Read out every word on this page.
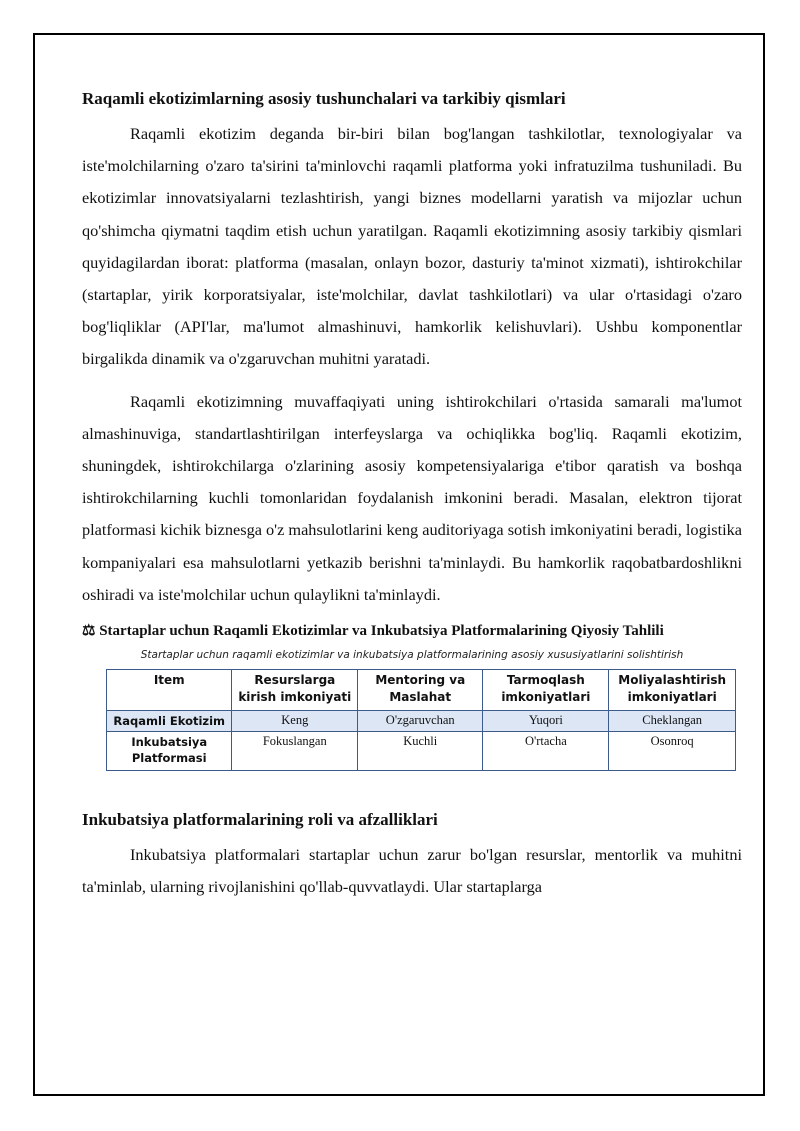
Raqamli ekotizimlarning asosiy tushunchalari va tarkibiy qismlari

Raqamli ekotizim deganda bir-biri bilan bog'langan tashkilotlar, texnologiyalar va iste'molchilarning o'zaro ta'sirini ta'minlovchi raqamli platforma yoki infratuzilma tushuniladi. Bu ekotizimlar innovatsiyalarni tezlashtirish, yangi biznes modellarni yaratish va mijozlar uchun qo'shimcha qiymatni taqdim etish uchun yaratilgan. Raqamli ekotizimning asosiy tarkibiy qismlari quyidagilardan iborat: platforma (masalan, onlayn bozor, dasturiy ta'minot xizmati), ishtirokchilar (startaplar, yirik korporatsiyalar, iste'molchilar, davlat tashkilotlari) va ular o'rtasidagi o'zaro bog'liqliklar (API'lar, ma'lumot almashinuvi, hamkorlik kelishuvlari). Ushbu komponentlar birgalikda dinamik va o'zgaruvchan muhitni yaratadi.

Raqamli ekotizimning muvaffaqiyati uning ishtirokchilari o'rtasida samarali ma'lumot almashinuviga, standartlashtirilgan interfeyslarga va ochiqlikka bog'liq. Raqamli ekotizim, shuningdek, ishtirokchilarga o'zlarining asosiy kompetensiyalariga e'tibor qaratish va boshqa ishtirokchilarning kuchli tomonlaridan foydalanish imkonini beradi. Masalan, elektron tijorat platformasi kichik biznesga o'z mahsulotlarini keng auditoriyaga sotish imkoniyatini beradi, logistika kompaniyalari esa mahsulotlarni yetkazib berishni ta'minlaydi. Bu hamkorlik raqobatbardoshlikni oshiradi va iste'molchilar uchun qulaylikni ta'minlaydi.

⚖ Startaplar uchun Raqamli Ekotizimlar va Inkubatsiya Platformalarining Qiyosiy Tahlili
Startaplar uchun raqamli ekotizimlar va inkubatsiya platformalarining asosiy xususiyatlarini solishtirish
Item	Resurslarga kirish imkoniyati	Mentoring va Maslahat	Tarmoqlash imkoniyatlari	Moliyalashtirish imkoniyatlari
Raqamli Ekotizim	Keng	O'zgaruvchan	Yuqori	Cheklangan
Inkubatsiya Platformasi	Fokuslangan	Kuchli	O'rtacha	Osonroq
Inkubatsiya platformalarining roli va afzalliklari

Inkubatsiya platformalari startaplar uchun zarur bo'lgan resurslar, mentorlik va muhitni ta'minlab, ularning rivojlanishini qo'llab-quvvatlaydi. Ular startaplarga
